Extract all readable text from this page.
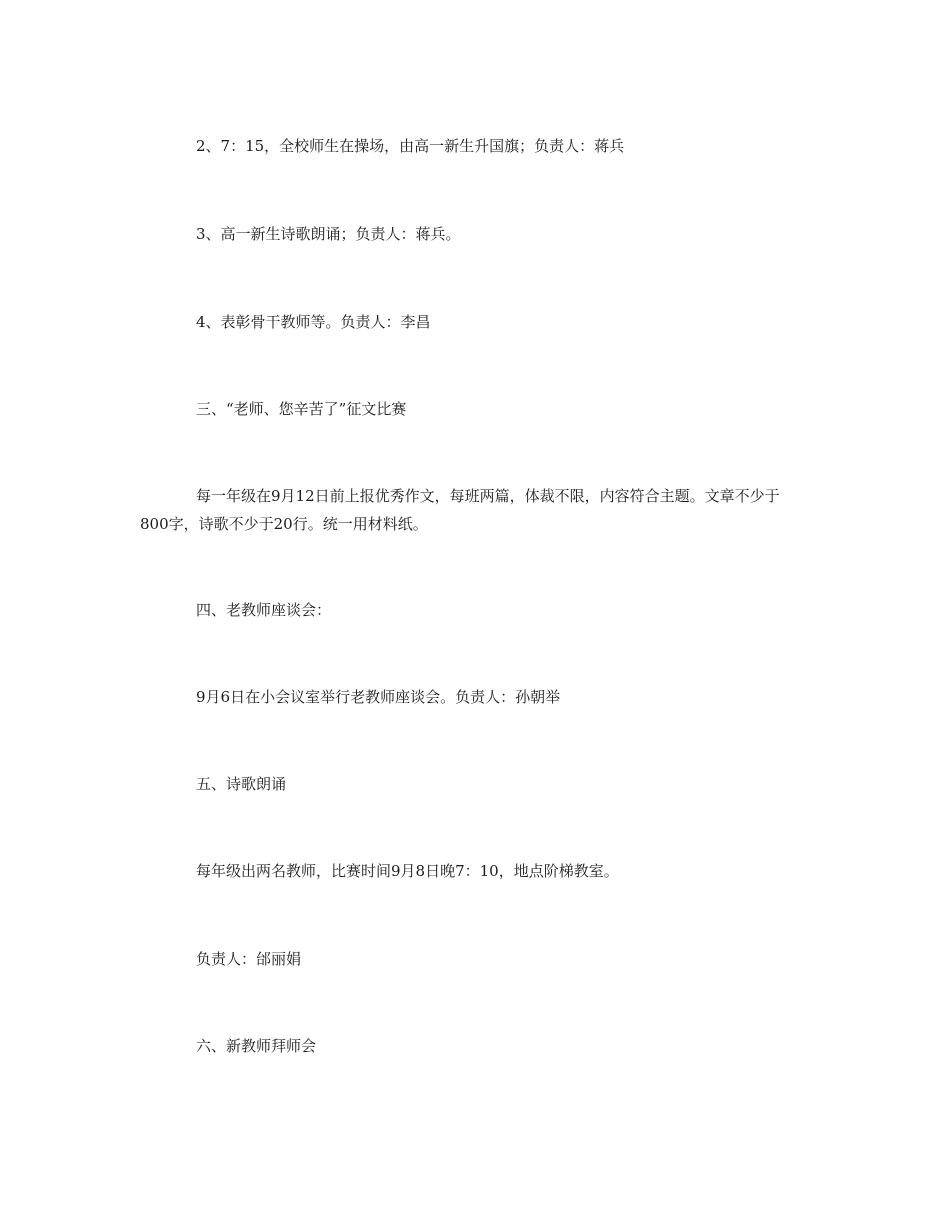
2、7：15，全校师生在操场，由高一新生升国旗；负责人：蒋兵
3、高一新生诗歌朗诵；负责人：蒋兵。
4、表彰骨干教师等。负责人：李昌
三、“老师、您辛苦了”征文比赛
每一年级在9月12日前上报优秀作文，每班两篇，体裁不限，内容符合主题。文章不少于800字，诗歌不少于20行。统一用材料纸。
四、老教师座谈会：
9月6日在小会议室举行老教师座谈会。负责人：孙朝举
五、诗歌朗诵
每年级出两名教师，比赛时间9月8日晚7：10，地点阶梯教室。
负责人：邰丽娟
六、新教师拜师会
